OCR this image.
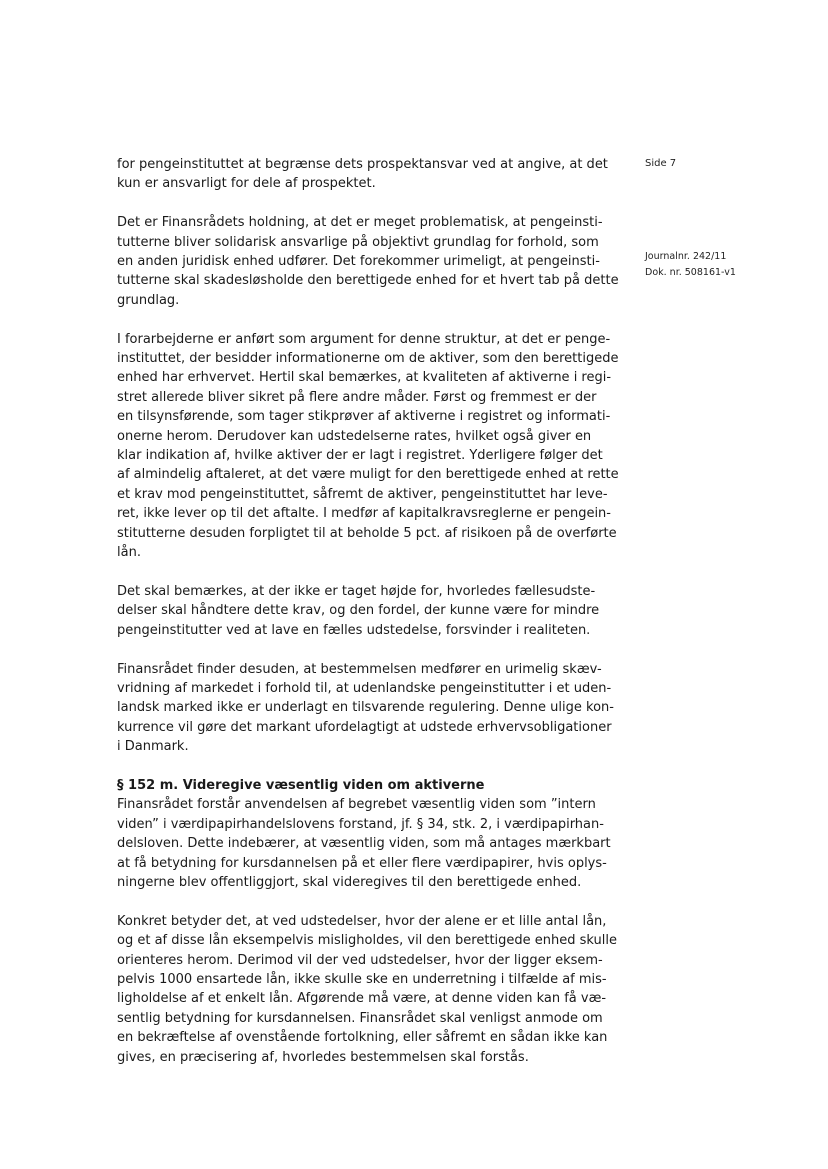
Side 7
Journalnr. 242/11
Dok. nr. 508161-v1

for pengeinstituttet at begrænse dets prospektansvar ved at angive, at det
kun er ansvarligt for dele af prospektet.

Det er Finansrådets holdning, at det er meget problematisk, at pengeinsti-
tutterne bliver solidarisk ansvarlige på objektivt grundlag for forhold, som
en anden juridisk enhed udfører. Det forekommer urimeligt, at pengeinsti-
tutterne skal skadesløsholde den berettigede enhed for et hvert tab på dette
grundlag.

I forarbejderne er anført som argument for denne struktur, at det er penge-
instituttet, der besidder informationerne om de aktiver, som den berettigede
enhed har erhvervet. Hertil skal bemærkes, at kvaliteten af aktiverne i regi-
stret allerede bliver sikret på flere andre måder. Først og fremmest er der
en tilsynsførende, som tager stikprøver af aktiverne i registret og informati-
onerne herom. Derudover kan udstedelserne rates, hvilket også giver en
klar indikation af, hvilke aktiver der er lagt i registret. Yderligere følger det
af almindelig aftaleret, at det være muligt for den berettigede enhed at rette
et krav mod pengeinstituttet, såfremt de aktiver, pengeinstituttet har leve-
ret, ikke lever op til det aftalte. I medfør af kapitalkravsreglerne er pengein-
stitutterne desuden forpligtet til at beholde 5 pct. af risikoen på de overførte
lån.

Det skal bemærkes, at der ikke er taget højde for, hvorledes fællesudste-
delser skal håndtere dette krav, og den fordel, der kunne være for mindre
pengeinstitutter ved at lave en fælles udstedelse, forsvinder i realiteten.

Finansrådet finder desuden, at bestemmelsen medfører en urimelig skæv-
vridning af markedet i forhold til, at udenlandske pengeinstitutter i et uden-
landsk marked ikke er underlagt en tilsvarende regulering. Denne ulige kon-
kurrence vil gøre det markant ufordelagtigt at udstede erhvervsobligationer
i Danmark.

§ 152 m. Videregive væsentlig viden om aktiverne

Finansrådet forstår anvendelsen af begrebet væsentlig viden som ”intern
viden” i værdipapirhandelslovens forstand, jf. § 34, stk. 2, i værdipapirhan-
delsloven. Dette indebærer, at væsentlig viden, som må antages mærkbart
at få betydning for kursdannelsen på et eller flere værdipapirer, hvis oplys-
ningerne blev offentliggjort, skal videregives til den berettigede enhed.

Konkret betyder det, at ved udstedelser, hvor der alene er et lille antal lån,
og et af disse lån eksempelvis misligholdes, vil den berettigede enhed skulle
orienteres herom. Derimod vil der ved udstedelser, hvor der ligger eksem-
pelvis 1000 ensartede lån, ikke skulle ske en underretning i tilfælde af mis-
ligholdelse af et enkelt lån. Afgørende må være, at denne viden kan få væ-
sentlig betydning for kursdannelsen. Finansrådet skal venligst anmode om
en bekræftelse af ovenstående fortolkning, eller såfremt en sådan ikke kan
gives, en præcisering af, hvorledes bestemmelsen skal forstås.
